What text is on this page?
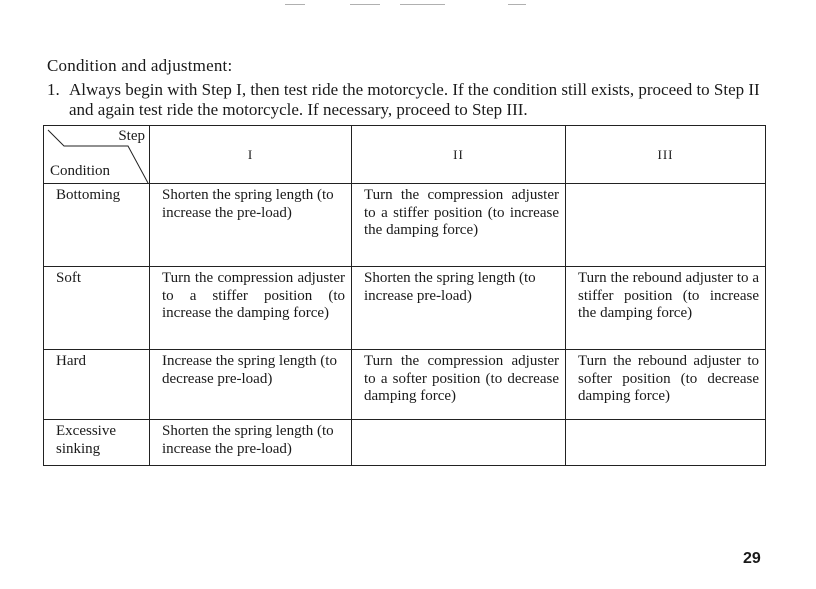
Condition and adjustment:
1. Always begin with Step I, then test ride the motorcycle. If the condition still exists, proceed to Step II and again test ride the motorcycle. If necessary, proceed to Step III.
Step
Condition	I	II	III
Bottoming	Shorten the spring length (to increase the pre-load)	Turn the compression adjuster to a stiffer position (to increase the damping force)	
Soft	Turn the compression adjuster to a stiffer position (to increase the damping force)	Shorten the spring length (to increase pre-load)	Turn the rebound adjuster to a stiffer position (to increase the damping force)
Hard	Increase the spring length (to decrease pre-load)	Turn the compression adjuster to a softer position (to decrease damping force)	Turn the rebound adjuster to softer position (to decrease damping force)
Excessive sinking	Shorten the spring length (to increase the pre-load)		
29
